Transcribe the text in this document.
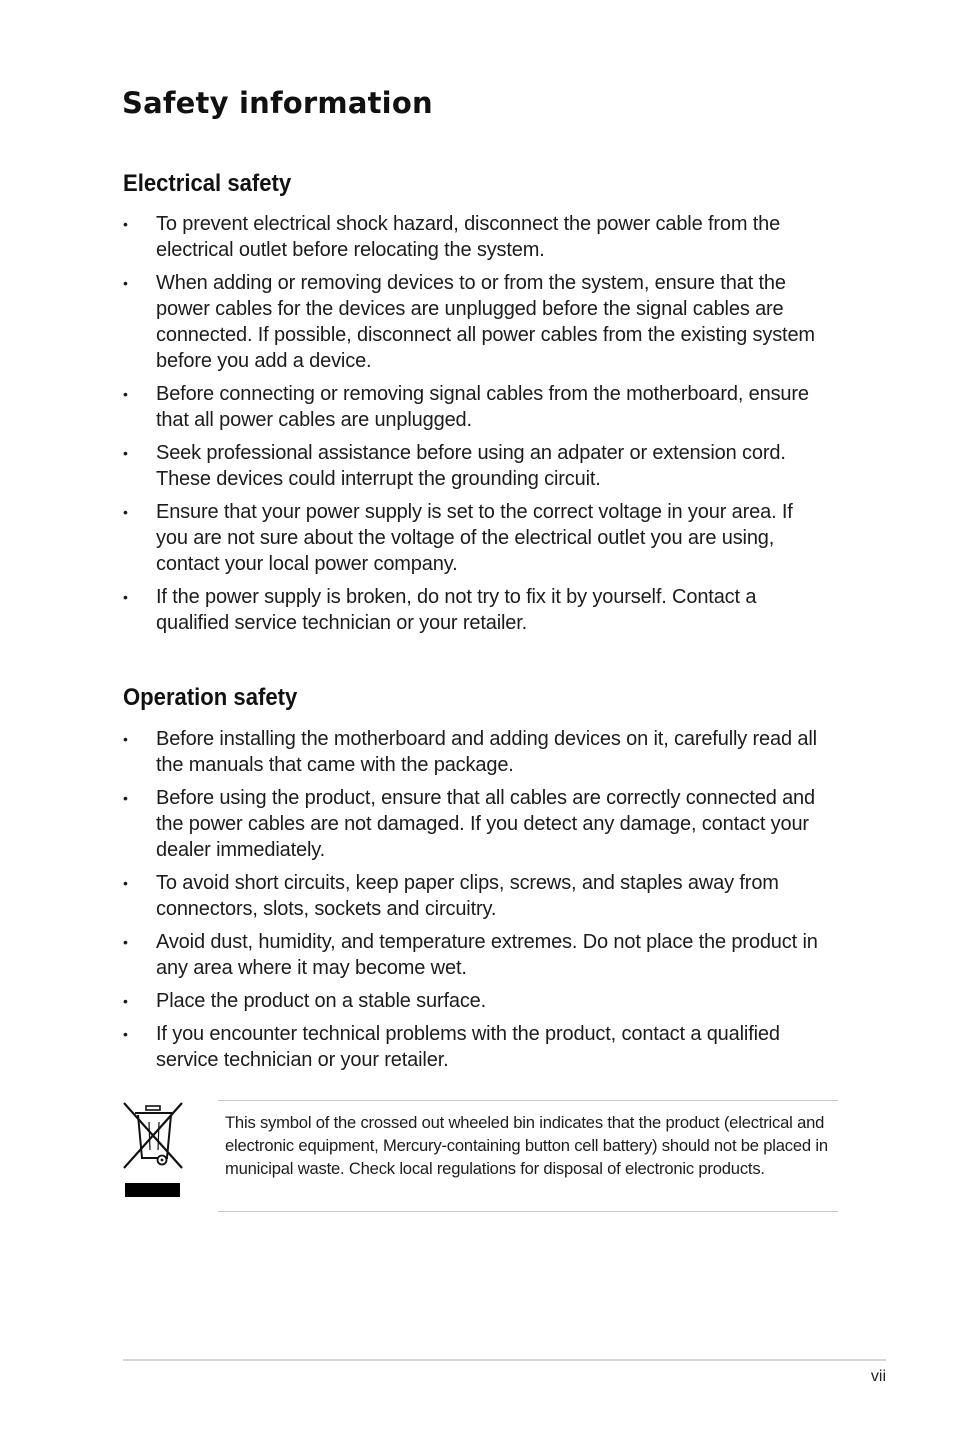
Safety information
Electrical safety
• To prevent electrical shock hazard, disconnect the power cable from the electrical outlet before relocating the system.
• When adding or removing devices to or from the system, ensure that the power cables for the devices are unplugged before the signal cables are connected. If possible, disconnect all power cables from the existing system before you add a device.
• Before connecting or removing signal cables from the motherboard, ensure that all power cables are unplugged.
• Seek professional assistance before using an adpater or extension cord. These devices could interrupt the grounding circuit.
• Ensure that your power supply is set to the correct voltage in your area. If you are not sure about the voltage of the electrical outlet you are using, contact your local power company.
• If the power supply is broken, do not try to fix it by yourself. Contact a qualified service technician or your retailer.
Operation safety
• Before installing the motherboard and adding devices on it, carefully read all the manuals that came with the package.
• Before using the product, ensure that all cables are correctly connected and the power cables are not damaged. If you detect any damage, contact your dealer immediately.
• To avoid short circuits, keep paper clips, screws, and staples away from connectors, slots, sockets and circuitry.
• Avoid dust, humidity, and temperature extremes. Do not place the product in any area where it may become wet.
• Place the product on a stable surface.
• If you encounter technical problems with the product, contact a qualified service technician or your retailer.

This symbol of the crossed out wheeled bin indicates that the product (electrical and electronic equipment, Mercury-containing button cell battery) should not be placed in municipal waste. Check local regulations for disposal of electronic products.

vii
